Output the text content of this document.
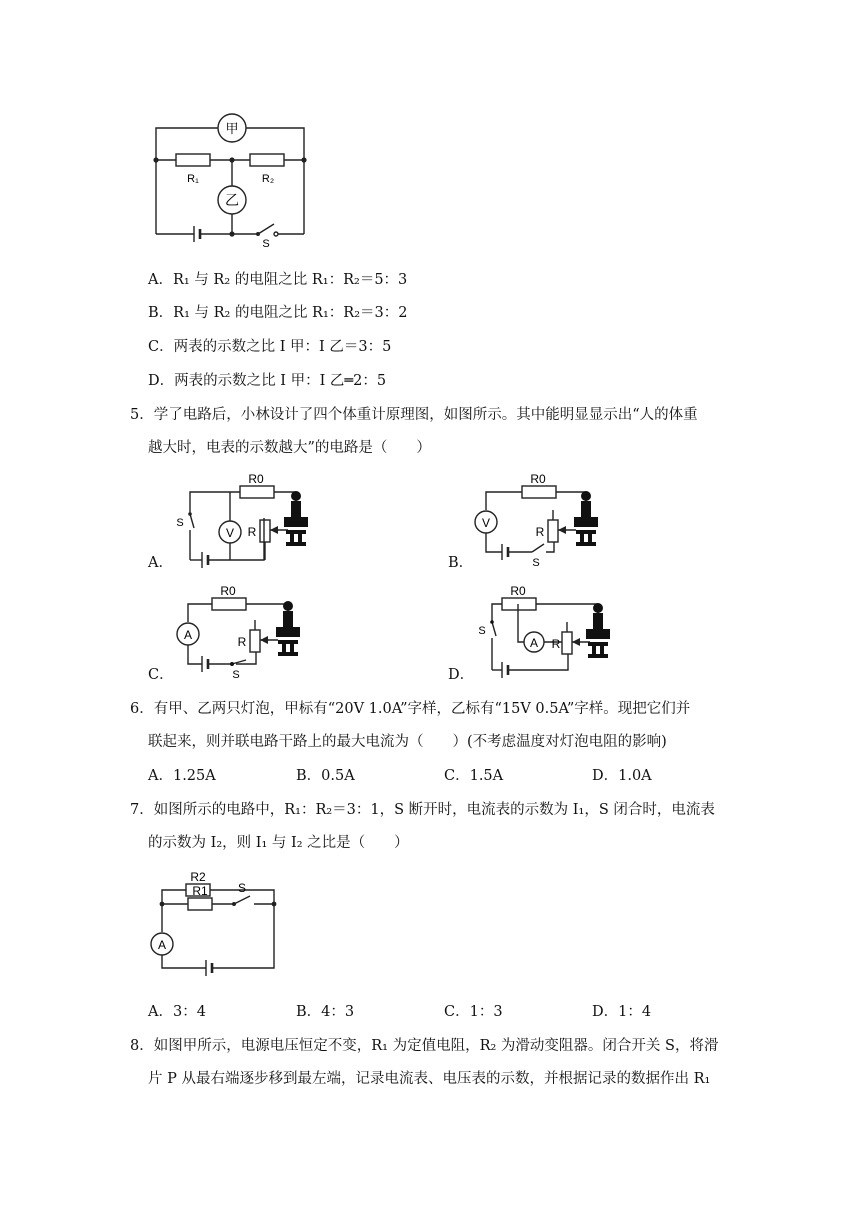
甲
乙
R₁	R₂
S
A．R₁ 与 R₂ 的电阻之比 R₁：R₂＝5：3
B．R₁ 与 R₂ 的电阻之比 R₁：R₂＝3：2
C．两表的示数之比 I 甲：I 乙＝3：5
D．两表的示数之比 I 甲：I 乙═2：5
5．学了电路后，小林设计了四个体重计原理图，如图所示。其中能明显显示出“人的体重
越大时，电表的示数越大”的电路是（　　）
A．
V
R0
R
S
B．
V
R0
R
S
C．
A
R0
R
S	D．
A
R0
R
S
6．有甲、乙两只灯泡，甲标有“20V 1.0A”字样，乙标有“15V 0.5A”字样。现把它们并
联起来，则并联电路干路上的最大电流为（　　）(不考虑温度对灯泡电阻的影响)
A．1.25A	B．0.5A	C．1.5A	D．1.0A
7．如图所示的电路中，R₁：R₂＝3：1，S 断开时，电流表的示数为 I₁，S 闭合时，电流表
的示数为 I₂，则 I₁ 与 I₂ 之比是（　　）
R2
R1	S
A
A．3：4	B．4：3	C．1：3	D．1：4
8．如图甲所示，电源电压恒定不变，R₁ 为定值电阻，R₂ 为滑动变阻器。闭合开关 S，将滑
片 P 从最右端逐步移到最左端，记录电流表、电压表的示数，并根据记录的数据作出 R₁
